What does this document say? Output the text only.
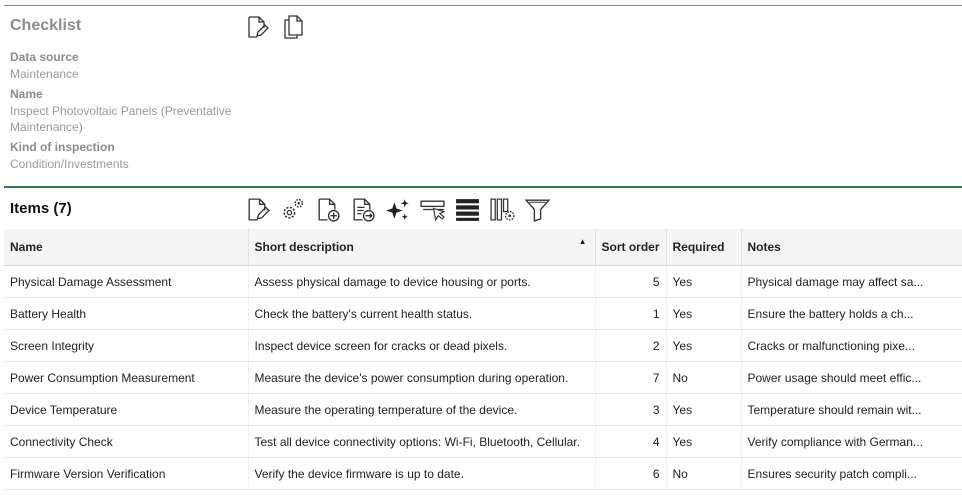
Checklist
Data source
Maintenance
Name
Inspect Photovoltaic Panels (Preventative Maintenance)
Kind of inspection
Condition/Investments
Items (7)
Name	Short description ▲	Sort order	Required	Notes
Physical Damage Assessment	Assess physical damage to device housing or ports.	5	Yes	Physical damage may affect sa...
Battery Health	Check the battery's current health status.	1	Yes	Ensure the battery holds a ch...
Screen Integrity	Inspect device screen for cracks or dead pixels.	2	Yes	Cracks or malfunctioning pixe...
Power Consumption Measurement	Measure the device's power consumption during operation.	7	No	Power usage should meet effic...
Device Temperature	Measure the operating temperature of the device.	3	Yes	Temperature should remain wit...
Connectivity Check	Test all device connectivity options: Wi-Fi, Bluetooth, Cellular.	4	Yes	Verify compliance with German...
Firmware Version Verification	Verify the device firmware is up to date.	6	No	Ensures security patch compli...
